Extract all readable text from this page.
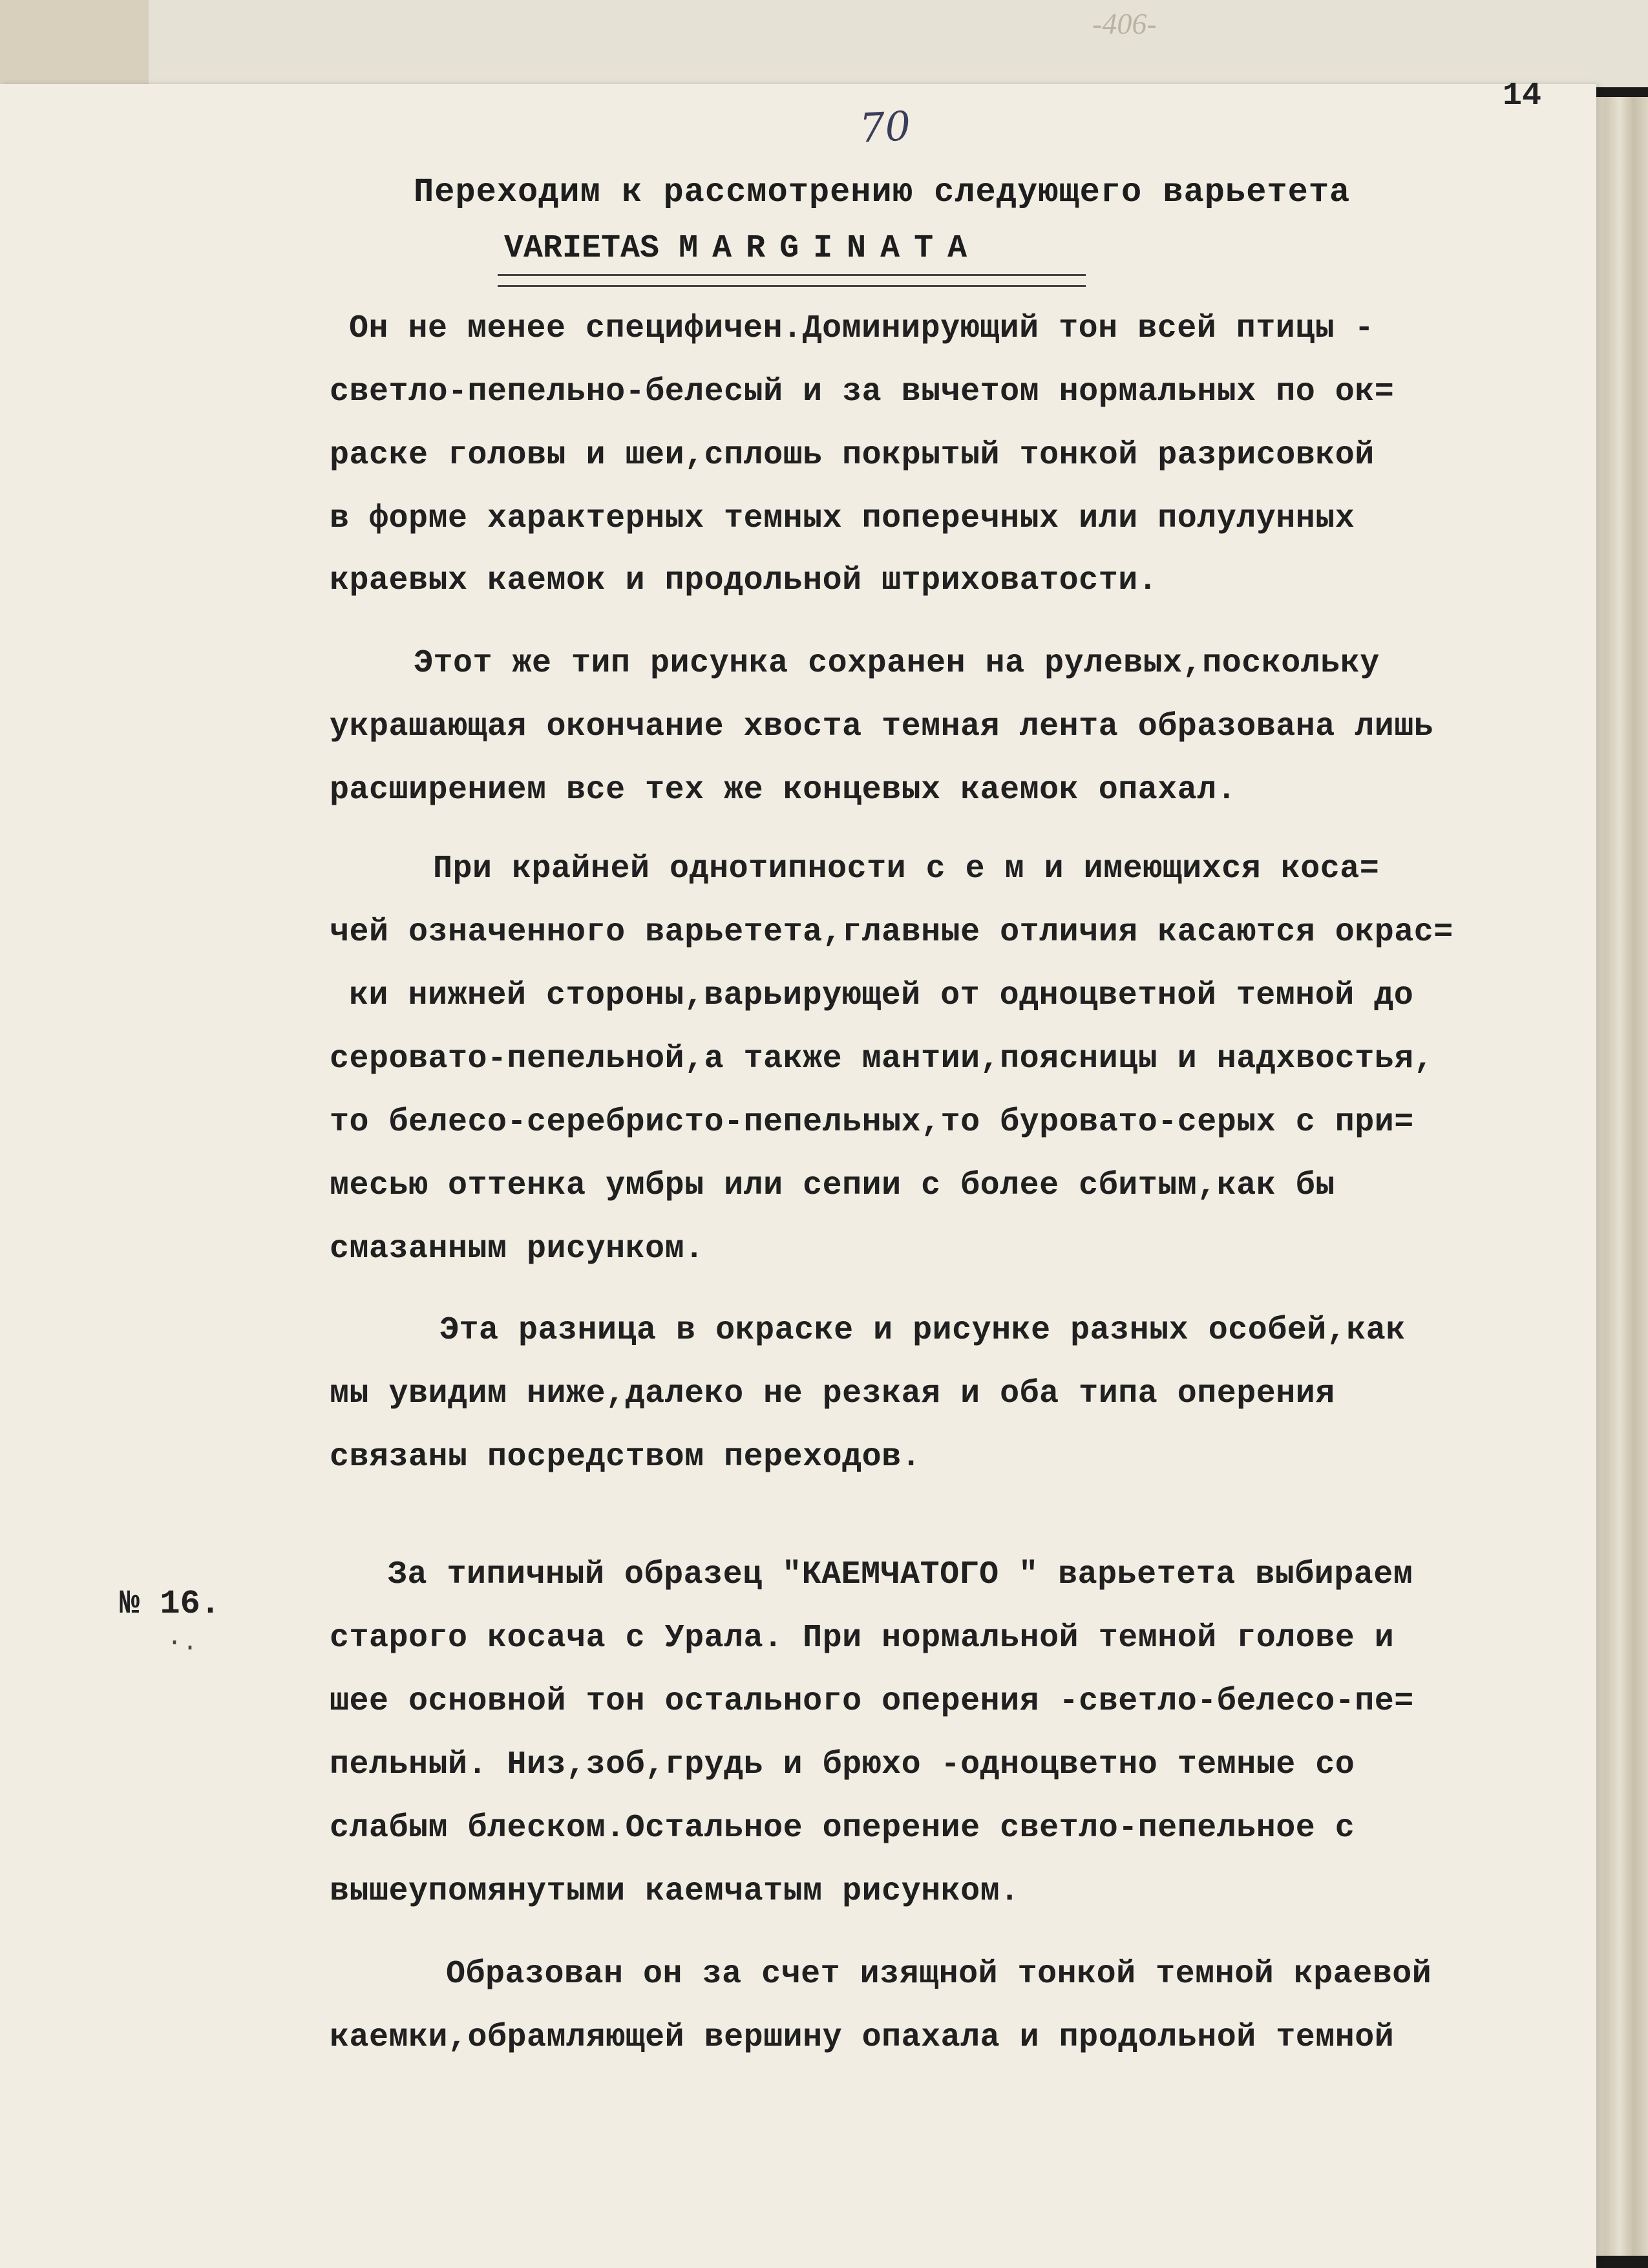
-406-
14
70
Переходим к рассмотрению следующего варьетета
VARIETAS MARGINATA
Он не менее специфичен.Доминирующий тон всей птицы -
светло-пепельно-белесый и за вычетом нормальных по ок=
раске головы и шеи,сплошь покрытый тонкой разрисовкой
в форме характерных темных поперечных или полулунных
краевых каемок и продольной штриховатости.
Этот же тип рисунка сохранен на рулевых,поскольку
украшающая окончание хвоста темная лента образована лишь
расширением все тех же концевых каемок опахал.
При крайней однотипности с е м и имеющихся коса=
чей означенного варьетета,главные отличия касаются окрас=
ки нижней стороны,варьирующей от одноцветной темной до
серовато-пепельной,а также мантии,поясницы и надхвостья,
то белесо-серебристо-пепельных,то буровато-серых с при=
месью оттенка умбры или сепии с более сбитым,как бы
смазанным рисунком.
Эта разница в окраске и рисунке разных особей,как
мы увидим ниже,далеко не резкая и оба типа оперения
связаны посредством переходов.
За типичный образец "КАЕМЧАТОГО " варьетета выбираем
старого косача с Урала. При нормальной темной голове и
шее основной тон остального оперения -светло-белесо-пе=
пельный. Низ,зоб,грудь и брюхо -одноцветно темные со
слабым блеском.Остальное оперение светло-пепельное с
вышеупомянутыми каемчатым рисунком.
Образован он за счет изящной тонкой темной краевой
каемки,обрамляющей вершину опахала и продольной темной
№ 16.
·.
